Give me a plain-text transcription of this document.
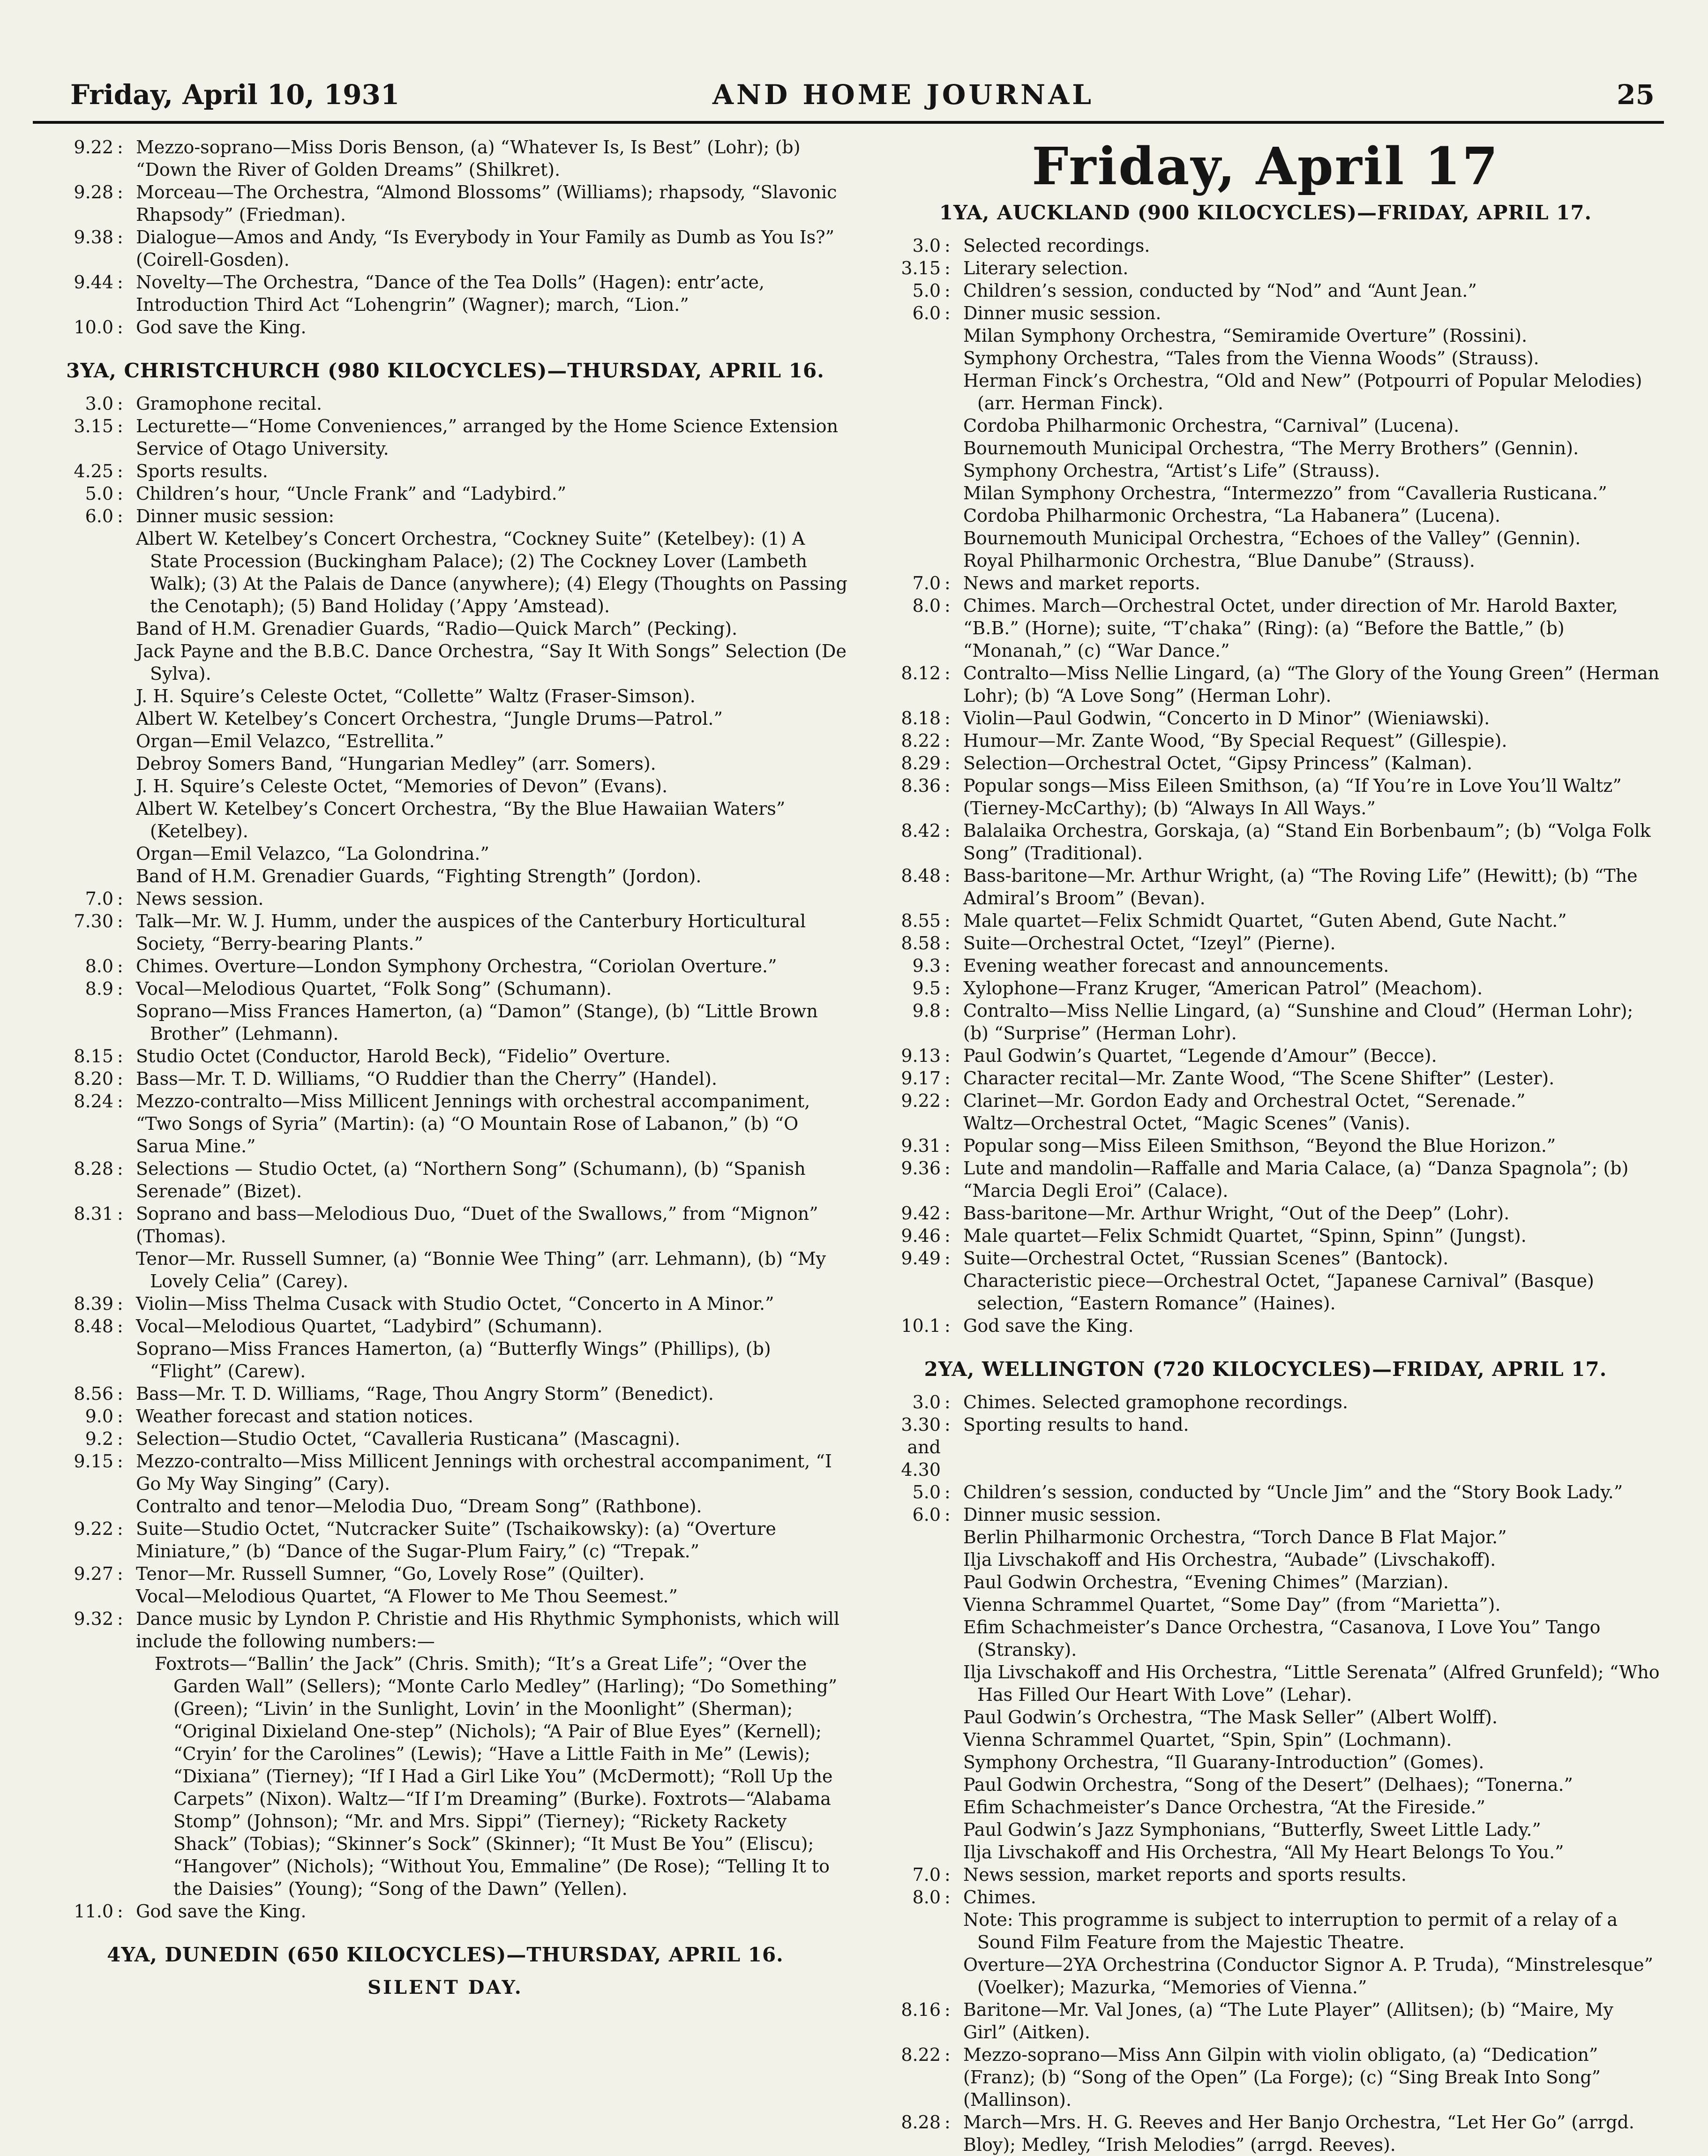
Friday, April 10, 1931	AND HOME JOURNAL	25
9.22 : Mezzo-soprano—Miss Doris Benson, (a) “Whatever Is, Is Best” (Lohr); (b) “Down the River of Golden Dreams” (Shilkret).
9.28 : Morceau—The Orchestra, “Almond Blossoms” (Williams); rhapsody, “Slavonic Rhapsody” (Friedman).
9.38 : Dialogue—Amos and Andy, “Is Everybody in Your Family as Dumb as You Is?” (Coirell-Gosden).
9.44 : Novelty—The Orchestra, “Dance of the Tea Dolls” (Hagen): entr’acte, Introduction Third Act “Lohengrin” (Wagner); march, “Lion.”
10.0 : God save the King.
3YA, CHRISTCHURCH (980 KILOCYCLES)—THURSDAY, APRIL 16.
3.0 : Gramophone recital.
3.15 : Lecturette—“Home Conveniences,” arranged by the Home Science Extension Service of Otago University.
4.25 : Sports results.
5.0 : Children’s hour, “Uncle Frank” and “Ladybird.”
6.0 : Dinner music session:
Albert W. Ketelbey’s Concert Orchestra, “Cockney Suite” (Ketelbey): (1) A State Procession (Buckingham Palace); (2) The Cockney Lover (Lambeth Walk); (3) At the Palais de Dance (anywhere); (4) Elegy (Thoughts on Passing the Cenotaph); (5) Band Holiday (’Appy ’Amstead).
Band of H.M. Grenadier Guards, “Radio—Quick March” (Pecking).
Jack Payne and the B.B.C. Dance Orchestra, “Say It With Songs” Selection (De Sylva).
J. H. Squire’s Celeste Octet, “Collette” Waltz (Fraser-Simson).
Albert W. Ketelbey’s Concert Orchestra, “Jungle Drums—Patrol.”
Organ—Emil Velazco, “Estrellita.”
Debroy Somers Band, “Hungarian Medley” (arr. Somers).
J. H. Squire’s Celeste Octet, “Memories of Devon” (Evans).
Albert W. Ketelbey’s Concert Orchestra, “By the Blue Hawaiian Waters” (Ketelbey).
Organ—Emil Velazco, “La Golondrina.”
Band of H.M. Grenadier Guards, “Fighting Strength” (Jordon).
7.0 : News session.
7.30 : Talk—Mr. W. J. Humm, under the auspices of the Canterbury Horticultural Society, “Berry-bearing Plants.”
8.0 : Chimes. Overture—London Symphony Orchestra, “Coriolan Overture.”
8.9 : Vocal—Melodious Quartet, “Folk Song” (Schumann).
Soprano—Miss Frances Hamerton, (a) “Damon” (Stange), (b) “Little Brown Brother” (Lehmann).
8.15 : Studio Octet (Conductor, Harold Beck), “Fidelio” Overture.
8.20 : Bass—Mr. T. D. Williams, “O Ruddier than the Cherry” (Handel).
8.24 : Mezzo-contralto—Miss Millicent Jennings with orchestral accompaniment, “Two Songs of Syria” (Martin): (a) “O Mountain Rose of Labanon,” (b) “O Sarua Mine.”
8.28 : Selections — Studio Octet, (a) “Northern Song” (Schumann), (b) “Spanish Serenade” (Bizet).
8.31 : Soprano and bass—Melodious Duo, “Duet of the Swallows,” from “Mignon” (Thomas).
Tenor—Mr. Russell Sumner, (a) “Bonnie Wee Thing” (arr. Lehmann), (b) “My Lovely Celia” (Carey).
8.39 : Violin—Miss Thelma Cusack with Studio Octet, “Concerto in A Minor.”
8.48 : Vocal—Melodious Quartet, “Ladybird” (Schumann).
Soprano—Miss Frances Hamerton, (a) “Butterfly Wings” (Phillips), (b) “Flight” (Carew).
8.56 : Bass—Mr. T. D. Williams, “Rage, Thou Angry Storm” (Benedict).
9.0 : Weather forecast and station notices.
9.2 : Selection—Studio Octet, “Cavalleria Rusticana” (Mascagni).
9.15 : Mezzo-contralto—Miss Millicent Jennings with orchestral accompaniment, “I Go My Way Singing” (Cary).
Contralto and tenor—Melodia Duo, “Dream Song” (Rathbone).
9.22 : Suite—Studio Octet, “Nutcracker Suite” (Tschaikowsky): (a) “Overture Miniature,” (b) “Dance of the Sugar-Plum Fairy,” (c) “Trepak.”
9.27 : Tenor—Mr. Russell Sumner, “Go, Lovely Rose” (Quilter).
Vocal—Melodious Quartet, “A Flower to Me Thou Seemest.”
9.32 : Dance music by Lyndon P. Christie and His Rhythmic Symphonists, which will include the following numbers:—
Foxtrots—“Ballin’ the Jack” (Chris. Smith); “It’s a Great Life”; “Over the Garden Wall” (Sellers); “Monte Carlo Medley” (Harling); “Do Something” (Green); “Livin’ in the Sunlight, Lovin’ in the Moonlight” (Sherman); “Original Dixieland One-step” (Nichols); “A Pair of Blue Eyes” (Kernell); “Cryin’ for the Carolines” (Lewis); “Have a Little Faith in Me” (Lewis); “Dixiana” (Tierney); “If I Had a Girl Like You” (McDermott); “Roll Up the Carpets” (Nixon). Waltz—“If I’m Dreaming” (Burke). Foxtrots—“Alabama Stomp” (Johnson); “Mr. and Mrs. Sippi” (Tierney); “Rickety Rackety Shack” (Tobias); “Skinner’s Sock” (Skinner); “It Must Be You” (Eliscu); “Hangover” (Nichols); “Without You, Emmaline” (De Rose); “Telling It to the Daisies” (Young); “Song of the Dawn” (Yellen).
11.0 : God save the King.
4YA, DUNEDIN (650 KILOCYCLES)—THURSDAY, APRIL 16.
SILENT DAY.
Friday, April 17
1YA, AUCKLAND (900 KILOCYCLES)—FRIDAY, APRIL 17.
3.0 : Selected recordings.
3.15 : Literary selection.
5.0 : Children’s session, conducted by “Nod” and “Aunt Jean.”
6.0 : Dinner music session.
Milan Symphony Orchestra, “Semiramide Overture” (Rossini).
Symphony Orchestra, “Tales from the Vienna Woods” (Strauss).
Herman Finck’s Orchestra, “Old and New” (Potpourri of Popular Melodies) (arr. Herman Finck).
Cordoba Philharmonic Orchestra, “Carnival” (Lucena).
Bournemouth Municipal Orchestra, “The Merry Brothers” (Gennin).
Symphony Orchestra, “Artist’s Life” (Strauss).
Milan Symphony Orchestra, “Intermezzo” from “Cavalleria Rusticana.”
Cordoba Philharmonic Orchestra, “La Habanera” (Lucena).
Bournemouth Municipal Orchestra, “Echoes of the Valley” (Gennin).
Royal Philharmonic Orchestra, “Blue Danube” (Strauss).
7.0 : News and market reports.
8.0 : Chimes. March—Orchestral Octet, under direction of Mr. Harold Baxter, “B.B.” (Horne); suite, “T’chaka” (Ring): (a) “Before the Battle,” (b) “Monanah,” (c) “War Dance.”
8.12 : Contralto—Miss Nellie Lingard, (a) “The Glory of the Young Green” (Herman Lohr); (b) “A Love Song” (Herman Lohr).
8.18 : Violin—Paul Godwin, “Concerto in D Minor” (Wieniawski).
8.22 : Humour—Mr. Zante Wood, “By Special Request” (Gillespie).
8.29 : Selection—Orchestral Octet, “Gipsy Princess” (Kalman).
8.36 : Popular songs—Miss Eileen Smithson, (a) “If You’re in Love You’ll Waltz” (Tierney-McCarthy); (b) “Always In All Ways.”
8.42 : Balalaika Orchestra, Gorskaja, (a) “Stand Ein Borbenbaum”; (b) “Volga Folk Song” (Traditional).
8.48 : Bass-baritone—Mr. Arthur Wright, (a) “The Roving Life” (Hewitt); (b) “The Admiral’s Broom” (Bevan).
8.55 : Male quartet—Felix Schmidt Quartet, “Guten Abend, Gute Nacht.”
8.58 : Suite—Orchestral Octet, “Izeyl” (Pierne).
9.3 : Evening weather forecast and announcements.
9.5 : Xylophone—Franz Kruger, “American Patrol” (Meachom).
9.8 : Contralto—Miss Nellie Lingard, (a) “Sunshine and Cloud” (Herman Lohr); (b) “Surprise” (Herman Lohr).
9.13 : Paul Godwin’s Quartet, “Legende d’Amour” (Becce).
9.17 : Character recital—Mr. Zante Wood, “The Scene Shifter” (Lester).
9.22 : Clarinet—Mr. Gordon Eady and Orchestral Octet, “Serenade.”
Waltz—Orchestral Octet, “Magic Scenes” (Vanis).
9.31 : Popular song—Miss Eileen Smithson, “Beyond the Blue Horizon.”
9.36 : Lute and mandolin—Raffalle and Maria Calace, (a) “Danza Spagnola”; (b) “Marcia Degli Eroi” (Calace).
9.42 : Bass-baritone—Mr. Arthur Wright, “Out of the Deep” (Lohr).
9.46 : Male quartet—Felix Schmidt Quartet, “Spinn, Spinn” (Jungst).
9.49 : Suite—Orchestral Octet, “Russian Scenes” (Bantock).
Characteristic piece—Orchestral Octet, “Japanese Carnival” (Basque) selection, “Eastern Romance” (Haines).
10.1 : God save the King.
2YA, WELLINGTON (720 KILOCYCLES)—FRIDAY, APRIL 17.
3.0 : Chimes. Selected gramophone recordings.
3.30 and 4.30
: Sporting results to hand.
5.0 : Children’s session, conducted by “Uncle Jim” and the “Story Book Lady.”
6.0 : Dinner music session.
Berlin Philharmonic Orchestra, “Torch Dance B Flat Major.”
Ilja Livschakoff and His Orchestra, “Aubade” (Livschakoff).
Paul Godwin Orchestra, “Evening Chimes” (Marzian).
Vienna Schrammel Quartet, “Some Day” (from “Marietta”).
Efim Schachmeister’s Dance Orchestra, “Casanova, I Love You” Tango (Stransky).
Ilja Livschakoff and His Orchestra, “Little Serenata” (Alfred Grunfeld); “Who Has Filled Our Heart With Love” (Lehar).
Paul Godwin’s Orchestra, “The Mask Seller” (Albert Wolff).
Vienna Schrammel Quartet, “Spin, Spin” (Lochmann).
Symphony Orchestra, “Il Guarany-Introduction” (Gomes).
Paul Godwin Orchestra, “Song of the Desert” (Delhaes); “Tonerna.”
Efim Schachmeister’s Dance Orchestra, “At the Fireside.”
Paul Godwin’s Jazz Symphonians, “Butterfly, Sweet Little Lady.”
Ilja Livschakoff and His Orchestra, “All My Heart Belongs To You.”
7.0 : News session, market reports and sports results.
8.0 : Chimes.
Note: This programme is subject to interruption to permit of a relay of a Sound Film Feature from the Majestic Theatre.
Overture—2YA Orchestrina (Conductor Signor A. P. Truda), “Minstrelesque” (Voelker); Mazurka, “Memories of Vienna.”
8.16 : Baritone—Mr. Val Jones, (a) “The Lute Player” (Allitsen); (b) “Maire, My Girl” (Aitken).
8.22 : Mezzo-soprano—Miss Ann Gilpin with violin obligato, (a) “Dedication” (Franz); (b) “Song of the Open” (La Forge); (c) “Sing Break Into Song” (Mallinson).
8.28 : March—Mrs. H. G. Reeves and Her Banjo Orchestra, “Let Her Go” (arrgd. Bloy); Medley, “Irish Melodies” (arrgd. Reeves).
